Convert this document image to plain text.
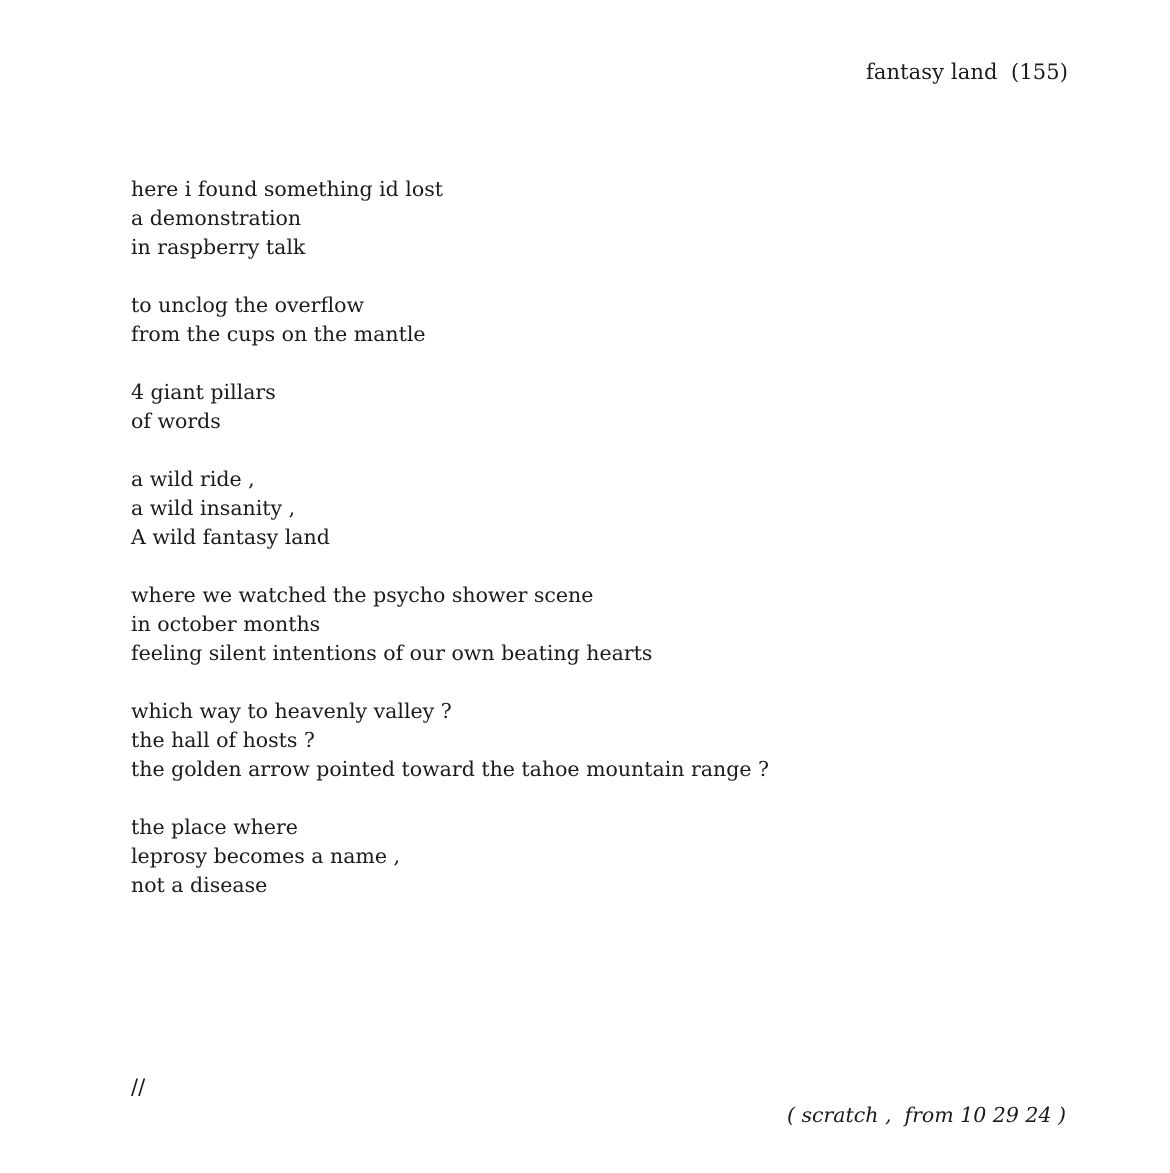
fantasy land  (155)
here i found something id lost
a demonstration
in raspberry talk
to unclog the overflow
from the cups on the mantle
4 giant pillars
of words
a wild ride ,
a wild insanity ,
A wild fantasy land
where we watched the psycho shower scene
in october months
feeling silent intentions of our own beating hearts
which way to heavenly valley ?
the hall of hosts ?
the golden arrow pointed toward the tahoe mountain range ?
the place where
leprosy becomes a name ,
not a disease
//
( scratch ,  from 10 29 24 )
